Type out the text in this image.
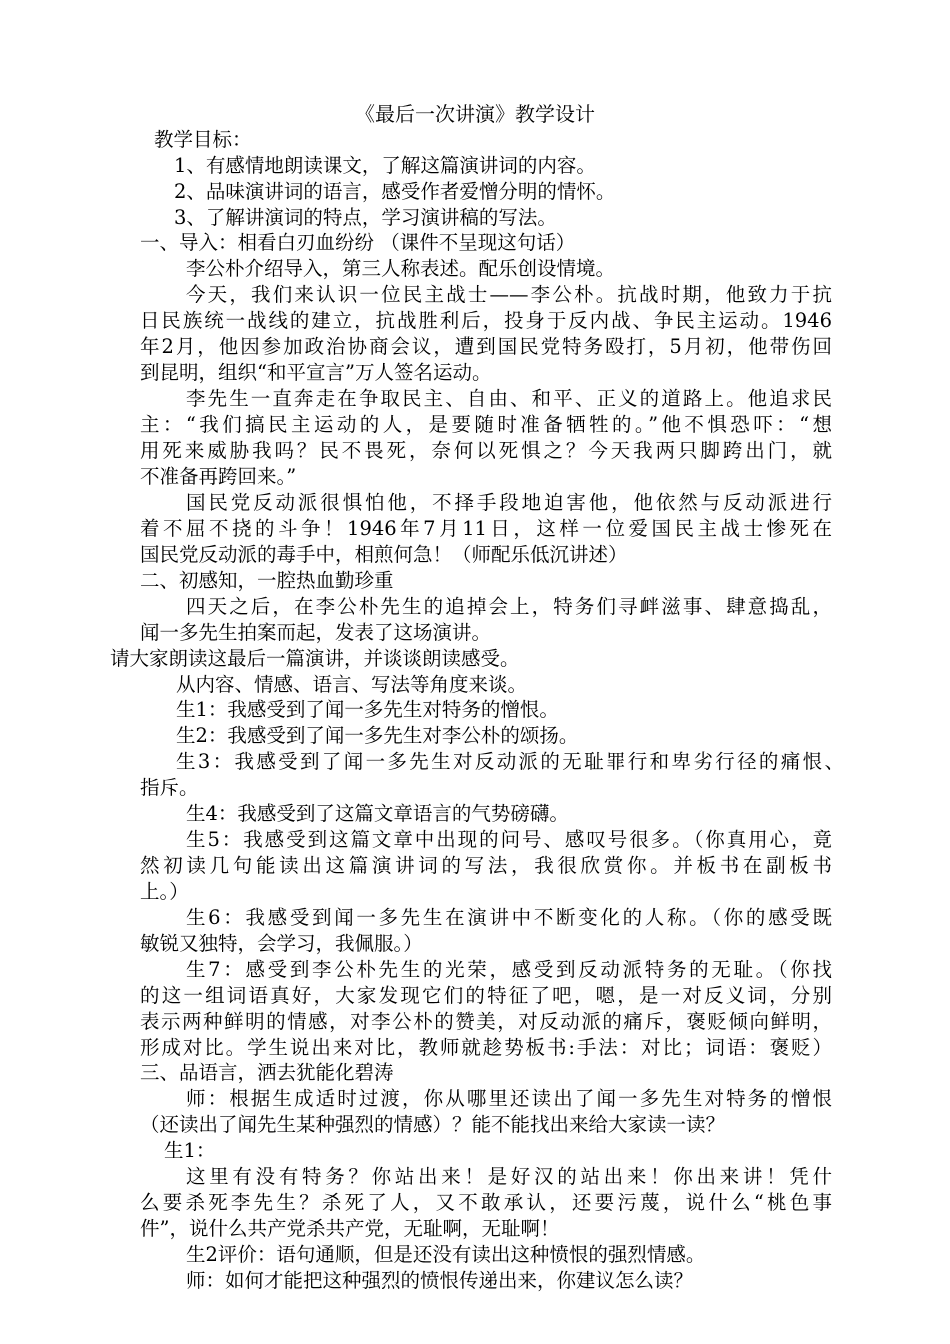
《最后一次讲演》教学设计
教学目标：
1、有感情地朗读课文，了解这篇演讲词的内容。
2、品味演讲词的语言，感受作者爱憎分明的情怀。
3、了解讲演词的特点，学习演讲稿的写法。
一、导入：相看白刃血纷纷 （课件不呈现这句话）
李公朴介绍导入，第三人称表述。配乐创设情境。
今天，我们来认识一位民主战士——李公朴。抗战时期，他致力于抗
日民族统一战线的建立，抗战胜利后，投身于反内战、争民主运动。1946
年2月，他因参加政治协商会议，遭到国民党特务殴打，5月初，他带伤回
到昆明，组织“和平宣言”万人签名运动。
李先生一直奔走在争取民主、自由、和平、正义的道路上。他追求民
主：“我们搞民主运动的人，是要随时准备牺牲的。”他不惧恐吓：“想
用死来威胁我吗？民不畏死，奈何以死惧之？今天我两只脚跨出门，就
不准备再跨回来。”
国民党反动派很惧怕他，不择手段地迫害他，他依然与反动派进行
着不屈不挠的斗争！1946年7月11日，这样一位爱国民主战士惨死在
国民党反动派的毒手中，相煎何急！（师配乐低沉讲述）
二、初感知，一腔热血勤珍重
四天之后，在李公朴先生的追掉会上，特务们寻衅滋事、肆意捣乱，
闻一多先生拍案而起，发表了这场演讲。
请大家朗读这最后一篇演讲，并谈谈朗读感受。
从内容、情感、语言、写法等角度来谈。
生1：我感受到了闻一多先生对特务的憎恨。
生2：我感受到了闻一多先生对李公朴的颂扬。
生3：我感受到了闻一多先生对反动派的无耻罪行和卑劣行径的痛恨、
指斥。
生4：我感受到了这篇文章语言的气势磅礴。
生5：我感受到这篇文章中出现的问号、感叹号很多。（你真用心，竟
然初读几句能读出这篇演讲词的写法，我很欣赏你。并板书在副板书
上。）
生6：我感受到闻一多先生在演讲中不断变化的人称。（你的感受既
敏锐又独特，会学习，我佩服。）
生7：感受到李公朴先生的光荣，感受到反动派特务的无耻。（你找
的这一组词语真好，大家发现它们的特征了吧，嗯，是一对反义词，分别
表示两种鲜明的情感，对李公朴的赞美，对反动派的痛斥，褒贬倾向鲜明，
形成对比。学生说出来对比，教师就趁势板书:手法：对比；词语：褒贬）
三、品语言，洒去犹能化碧涛
师：根据生成适时过渡，你从哪里还读出了闻一多先生对特务的憎恨
（还读出了闻先生某种强烈的情感）？能不能找出来给大家读一读？
生1：
这里有没有特务？你站出来！是好汉的站出来！你出来讲！凭什
么要杀死李先生？杀死了人，又不敢承认，还要污蔑，说什么“桃色事
件”，说什么共产党杀共产党，无耻啊，无耻啊！
生2评价：语句通顺，但是还没有读出这种愤恨的强烈情感。
师：如何才能把这种强烈的愤恨传递出来，你建议怎么读？
